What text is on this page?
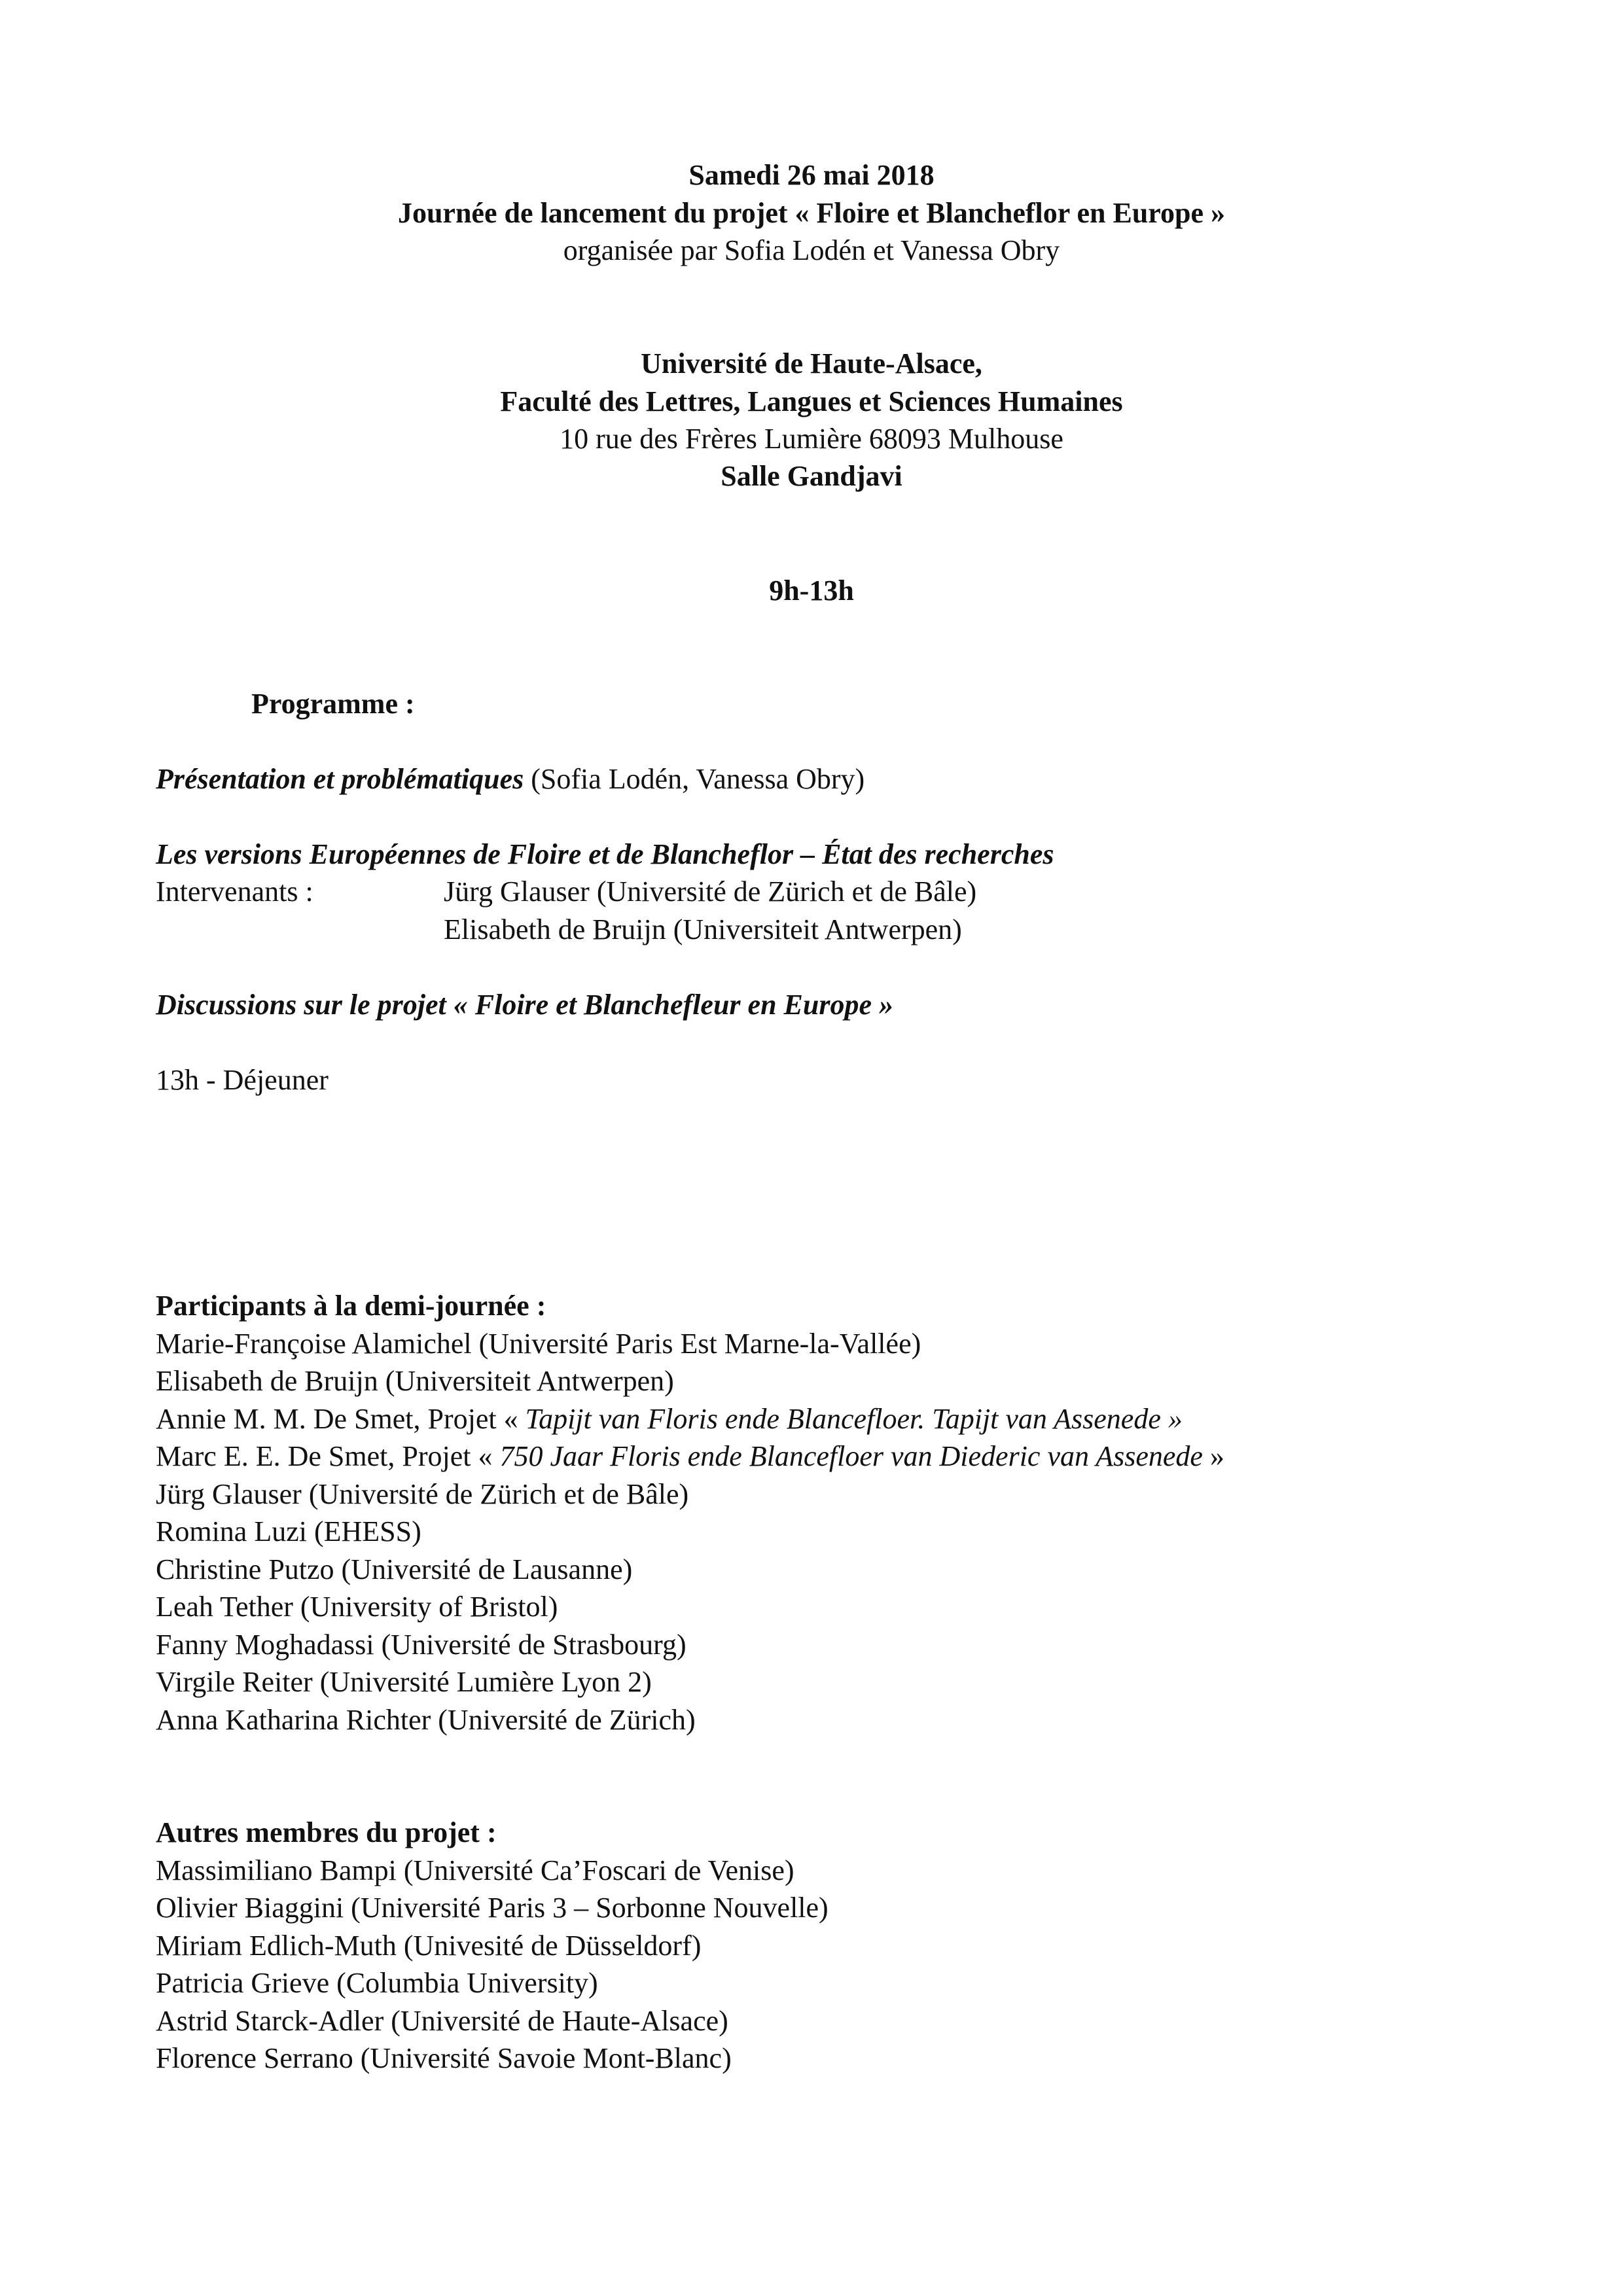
Samedi 26 mai 2018
Journée de lancement du projet « Floire et Blancheflor en Europe »
organisée par Sofia Lodén et Vanessa Obry
Université de Haute-Alsace,
Faculté des Lettres, Langues et Sciences Humaines
10 rue des Frères Lumière 68093 Mulhouse
Salle Gandjavi
9h-13h
Programme :
Présentation et problématiques (Sofia Lodén, Vanessa Obry)
Les versions Européennes de Floire et de Blancheflor – État des recherches
Intervenants :	Jürg Glauser (Université de Zürich et de Bâle)
Elisabeth de Bruijn (Universiteit Antwerpen)
Discussions sur le projet « Floire et Blanchefleur en Europe »
13h - Déjeuner
Participants à la demi-journée :
Marie-Françoise Alamichel (Université Paris Est Marne-la-Vallée)
Elisabeth de Bruijn (Universiteit Antwerpen)
Annie M. M. De Smet, Projet « Tapijt van Floris ende Blancefloer. Tapijt van Assenede »
Marc E. E. De Smet, Projet « 750 Jaar Floris ende Blancefloer van Diederic van Assenede »
Jürg Glauser (Université de Zürich et de Bâle)
Romina Luzi (EHESS)
Christine Putzo (Université de Lausanne)
Leah Tether (University of Bristol)
Fanny Moghadassi (Université de Strasbourg)
Virgile Reiter (Université Lumière Lyon 2)
Anna Katharina Richter (Université de Zürich)
Autres membres du projet :
Massimiliano Bampi (Université Ca’Foscari de Venise)
Olivier Biaggini (Université Paris 3 – Sorbonne Nouvelle)
Miriam Edlich-Muth (Univesité de Düsseldorf)
Patricia Grieve (Columbia University)
Astrid Starck-Adler (Université de Haute-Alsace)
Florence Serrano (Université Savoie Mont-Blanc)
